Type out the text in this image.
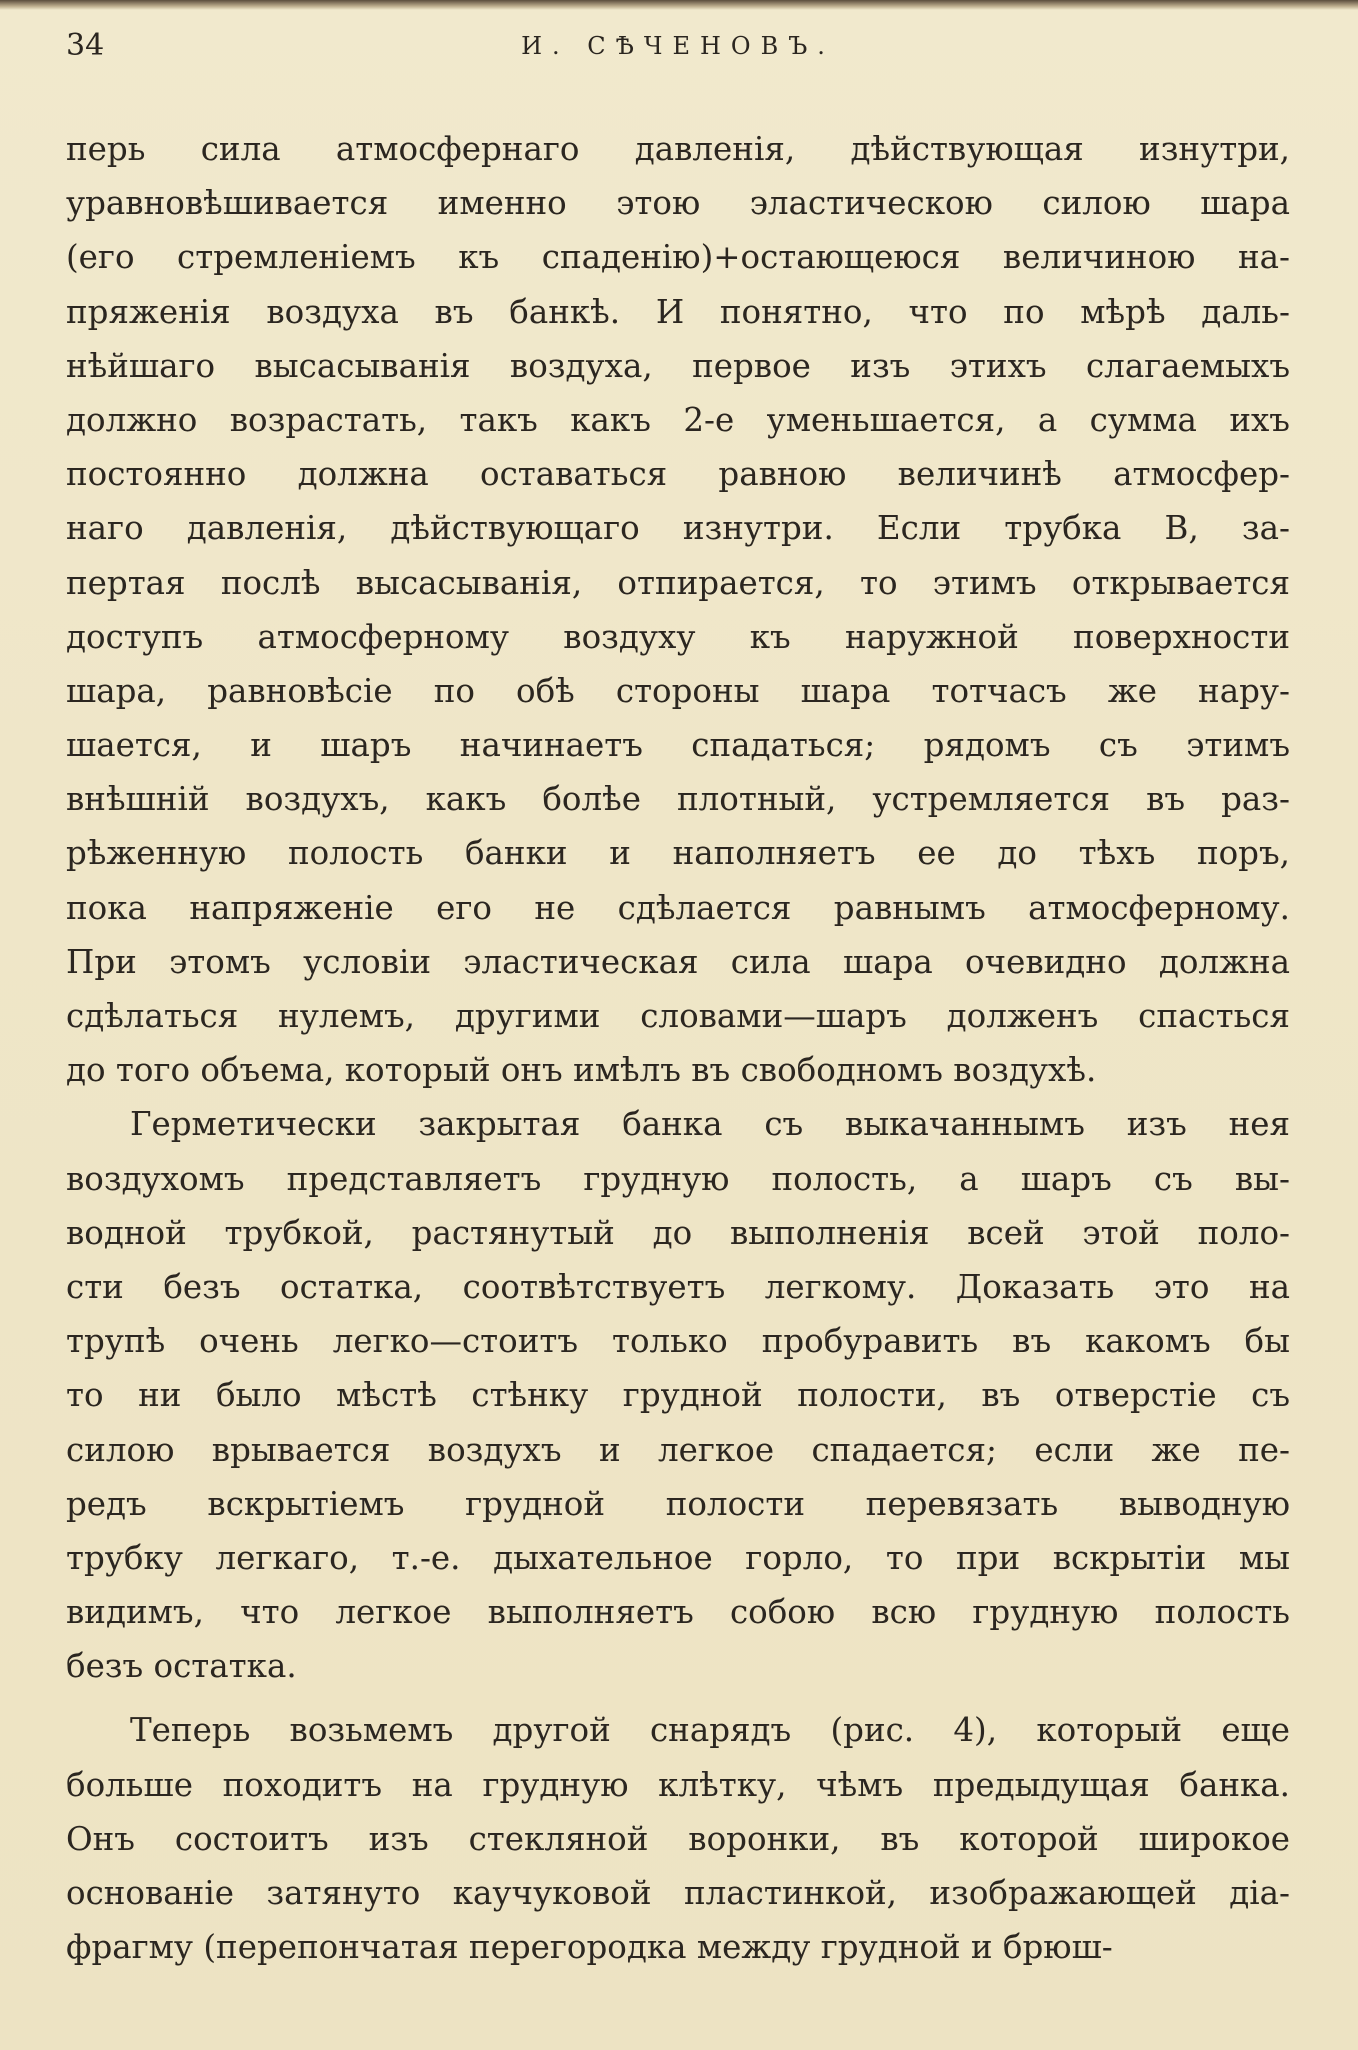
34	И. СѢЧЕНОВЪ.
перь сила атмосфернаго давленія, дѣйствующая изнутри,
уравновѣшивается именно этою эластическою силою шара
(его стремленіемъ къ спаденію)+остающеюся величиною на-
пряженія воздуха въ банкѣ. И понятно, что по мѣрѣ даль-
нѣйшаго высасыванія воздуха, первое изъ этихъ слагаемыхъ
должно возрастать, такъ какъ 2-е уменьшается, а сумма ихъ
постоянно должна оставаться равною величинѣ атмосфер-
наго давленія, дѣйствующаго изнутри. Если трубка В, за-
пертая послѣ высасыванія, отпирается, то этимъ открывается
доступъ атмосферному воздуху къ наружной поверхности
шара, равновѣсіе по обѣ стороны шара тотчасъ же нару-
шается, и шаръ начинаетъ спадаться; рядомъ съ этимъ
внѣшній воздухъ, какъ болѣе плотный, устремляется въ раз-
рѣженную полость банки и наполняетъ ее до тѣхъ поръ,
пока напряженіе его не сдѣлается равнымъ атмосферному.
При этомъ условіи эластическая сила шара очевидно должна
сдѣлаться нулемъ, другими словами—шаръ долженъ спасться
до того объема, который онъ имѣлъ въ свободномъ воздухѣ.
Герметически закрытая банка съ выкачаннымъ изъ нея
воздухомъ представляетъ грудную полость, а шаръ съ вы-
водной трубкой, растянутый до выполненія всей этой поло-
сти безъ остатка, соотвѣтствуетъ легкому. Доказать это на
трупѣ очень легко—стоитъ только пробуравить въ какомъ бы
то ни было мѣстѣ стѣнку грудной полости, въ отверстіе съ
силою врывается воздухъ и легкое спадается; если же пе-
редъ вскрытіемъ грудной полости перевязать выводную
трубку легкаго, т.-е. дыхательное горло, то при вскрытіи мы
видимъ, что легкое выполняетъ собою всю грудную полость
безъ остатка.
Теперь возьмемъ другой снарядъ (рис. 4), который еще
больше походитъ на грудную клѣтку, чѣмъ предыдущая банка.
Онъ состоитъ изъ стекляной воронки, въ которой широкое
основаніе затянуто каучуковой пластинкой, изображающей діа-
фрагму (перепончатая перегородка между грудной и брюш-
